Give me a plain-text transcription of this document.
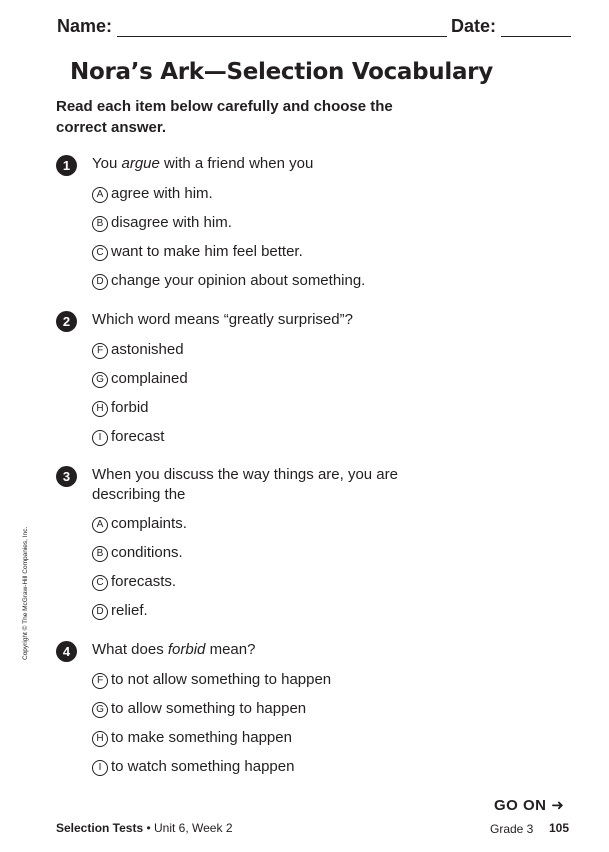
Name:	Date:
Nora’s Ark—Selection Vocabulary
Read each item below carefully and choose the correct answer.
1	You argue with a friend when you
A agree with him.
B disagree with him.
C want to make him feel better.
D change your opinion about something.
2	Which word means “greatly surprised”?
F astonished
G complained
H forbid
I forecast
3	When you discuss the way things are, you are describing the
A complaints.
B conditions.
C forecasts.
D relief.
4	What does forbid mean?
F to not allow something to happen
G to allow something to happen
H to make something happen
I to watch something happen
Copyright © The McGraw-Hill Companies, Inc.
GO ON ➜
Selection Tests • Unit 6, Week 2	Grade 3 105
